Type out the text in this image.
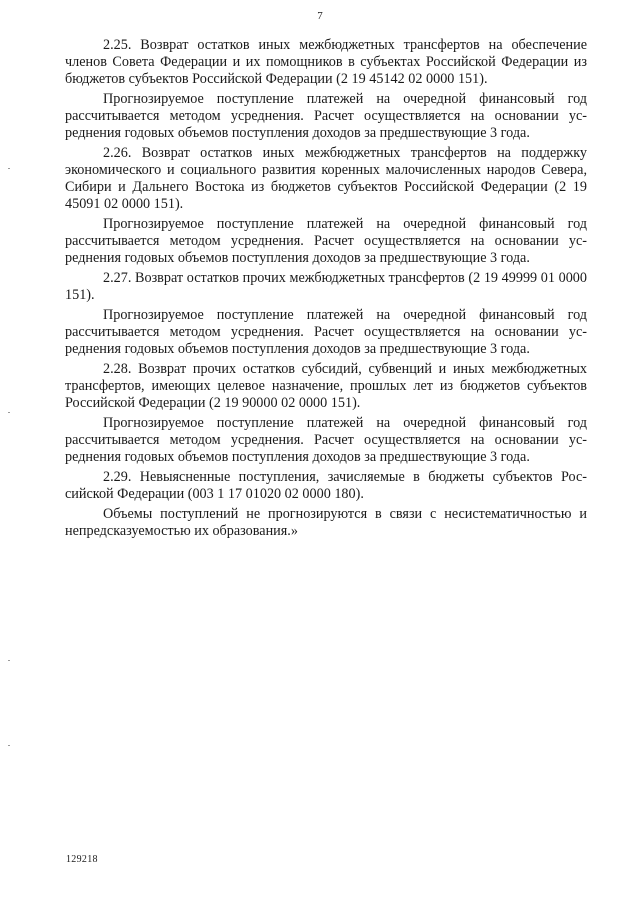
7

2.25. Возврат остатков иных межбюджетных трансфертов на обеспечение членов Совета Федерации и их помощников в субъектах Российской Федерации из бюджетов субъектов Российской Федерации (2 19 45142 02 0000 151).

Прогнозируемое поступление платежей на очередной финансовый год рассчитывается методом усреднения. Расчет осуществляется на основании усреднения годовых объемов поступления доходов за предшествующие 3 года.

2.26. Возврат остатков иных межбюджетных трансфертов на поддержку экономического и социального развития коренных малочисленных народов Севера, Сибири и Дальнего Востока из бюджетов субъектов Российской Федерации (2 19 45091 02 0000 151).

Прогнозируемое поступление платежей на очередной финансовый год рассчитывается методом усреднения. Расчет осуществляется на основании усреднения годовых объемов поступления доходов за предшествующие 3 года.

2.27. Возврат остатков прочих межбюджетных трансфертов (2 19 49999 01 0000 151).

Прогнозируемое поступление платежей на очередной финансовый год рассчитывается методом усреднения. Расчет осуществляется на основании усреднения годовых объемов поступления доходов за предшествующие 3 года.

2.28. Возврат прочих остатков субсидий, субвенций и иных межбюджетных трансфертов, имеющих целевое назначение, прошлых лет из бюджетов субъектов Российской Федерации (2 19 90000 02 0000 151).

Прогнозируемое поступление платежей на очередной финансовый год рассчитывается методом усреднения. Расчет осуществляется на основании усреднения годовых объемов поступления доходов за предшествующие 3 года.

2.29. Невыясненные поступления, зачисляемые в бюджеты субъектов Российской Федерации (003 1 17 01020 02 0000 180).

Объемы поступлений не прогнозируются в связи с несистематичностью и непредсказуемостью их образования.»

129218
